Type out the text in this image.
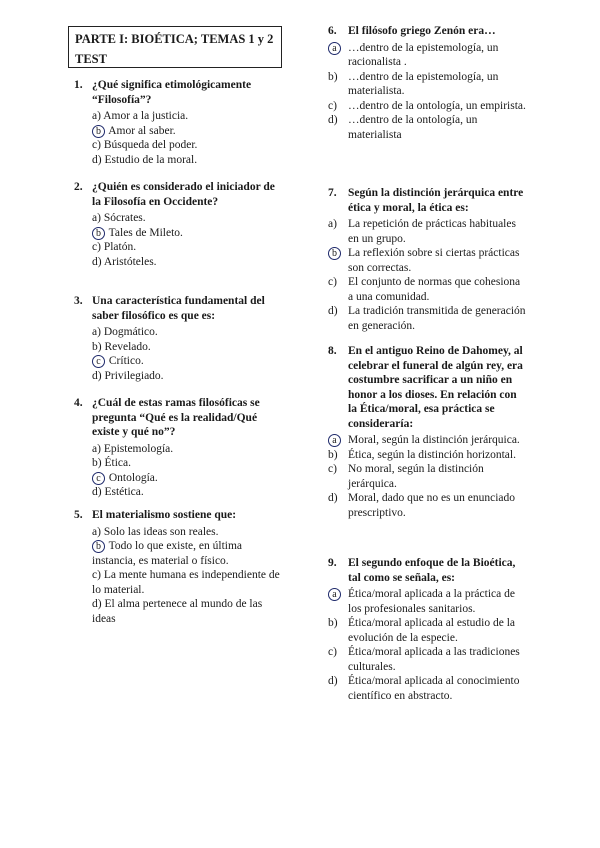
PARTE I: BIOÉTICA; TEMAS 1 y 2
TEST
1. ¿Qué significa etimológicamente “Filosofía”?
a) Amor a la justicia.
b Amor al saber.
c) Búsqueda del poder.
d) Estudio de la moral.
2. ¿Quién es considerado el iniciador de la Filosofía en Occidente?
a) Sócrates.
b Tales de Mileto.
c) Platón.
d) Aristóteles.
3. Una característica fundamental del saber filosófico es que es:
a) Dogmático.
b) Revelado.
c Crítico.
d) Privilegiado.
4. ¿Cuál de estas ramas filosóficas se pregunta “Qué es la realidad/Qué existe y qué no”?
a) Epistemología.
b) Ética.
c Ontología.
d) Estética.
5. El materialismo sostiene que:
a) Solo las ideas son reales.
b Todo lo que existe, en última instancia, es material o físico.
c) La mente humana es independiente de lo material.
d) El alma pertenece al mundo de las ideas
6. El filósofo griego Zenón era…
a …dentro de la epistemología, un racionalista .
b) …dentro de la epistemología, un materialista.
c) …dentro de la ontología, un empirista.
d) …dentro de la ontología, un materialista
7. Según la distinción jerárquica entre ética y moral, la ética es:
a) La repetición de prácticas habituales en un grupo.
b La reflexión sobre si ciertas prácticas son correctas.
c) El conjunto de normas que cohesiona a una comunidad.
d) La tradición transmitida de generación en generación.
8. En el antiguo Reino de Dahomey, al celebrar el funeral de algún rey, era costumbre sacrificar a un niño en honor a los dioses. En relación con la Ética/moral, esa práctica se consideraría:
a Moral, según la distinción jerárquica.
b) Ética, según la distinción horizontal.
c) No moral, según la distinción jerárquica.
d) Moral, dado que no es un enunciado prescriptivo.
9. El segundo enfoque de la Bioética, tal como se señala, es:
a Ética/moral aplicada a la práctica de los profesionales sanitarios.
b) Ética/moral aplicada al estudio de la evolución de la especie.
c) Ética/moral aplicada a las tradiciones culturales.
d) Ética/moral aplicada al conocimiento científico en abstracto.
